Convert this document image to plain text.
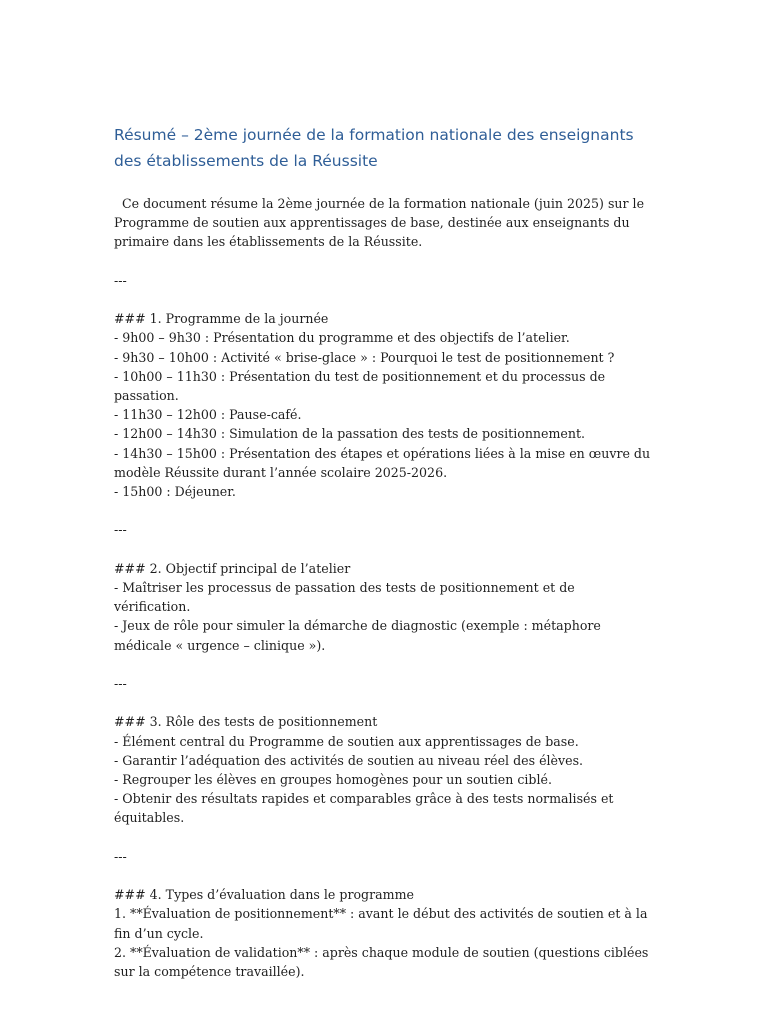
Résumé – 2ème journée de la formation nationale des enseignants des établissements de la Réussite

Ce document résume la 2ème journée de la formation nationale (juin 2025) sur le Programme de soutien aux apprentissages de base, destinée aux enseignants du primaire dans les établissements de la Réussite.

---

### 1. Programme de la journée

- 9h00 – 9h30 : Présentation du programme et des objectifs de l’atelier.

- 9h30 – 10h00 : Activité « brise-glace » : Pourquoi le test de positionnement ?

- 10h00 – 11h30 : Présentation du test de positionnement et du processus de passation.

- 11h30 – 12h00 : Pause-café.

- 12h00 – 14h30 : Simulation de la passation des tests de positionnement.

- 14h30 – 15h00 : Présentation des étapes et opérations liées à la mise en œuvre du modèle Réussite durant l’année scolaire 2025-2026.

- 15h00 : Déjeuner.

---

### 2. Objectif principal de l’atelier

- Maîtriser les processus de passation des tests de positionnement et de vérification.

- Jeux de rôle pour simuler la démarche de diagnostic (exemple : métaphore médicale « urgence – clinique »).

---

### 3. Rôle des tests de positionnement

- Élément central du Programme de soutien aux apprentissages de base.

- Garantir l’adéquation des activités de soutien au niveau réel des élèves.

- Regrouper les élèves en groupes homogènes pour un soutien ciblé.

- Obtenir des résultats rapides et comparables grâce à des tests normalisés et équitables.

---

### 4. Types d’évaluation dans le programme

1. **Évaluation de positionnement** : avant le début des activités de soutien et à la fin d’un cycle.

2. **Évaluation de validation** : après chaque module de soutien (questions ciblées sur la compétence travaillée).
